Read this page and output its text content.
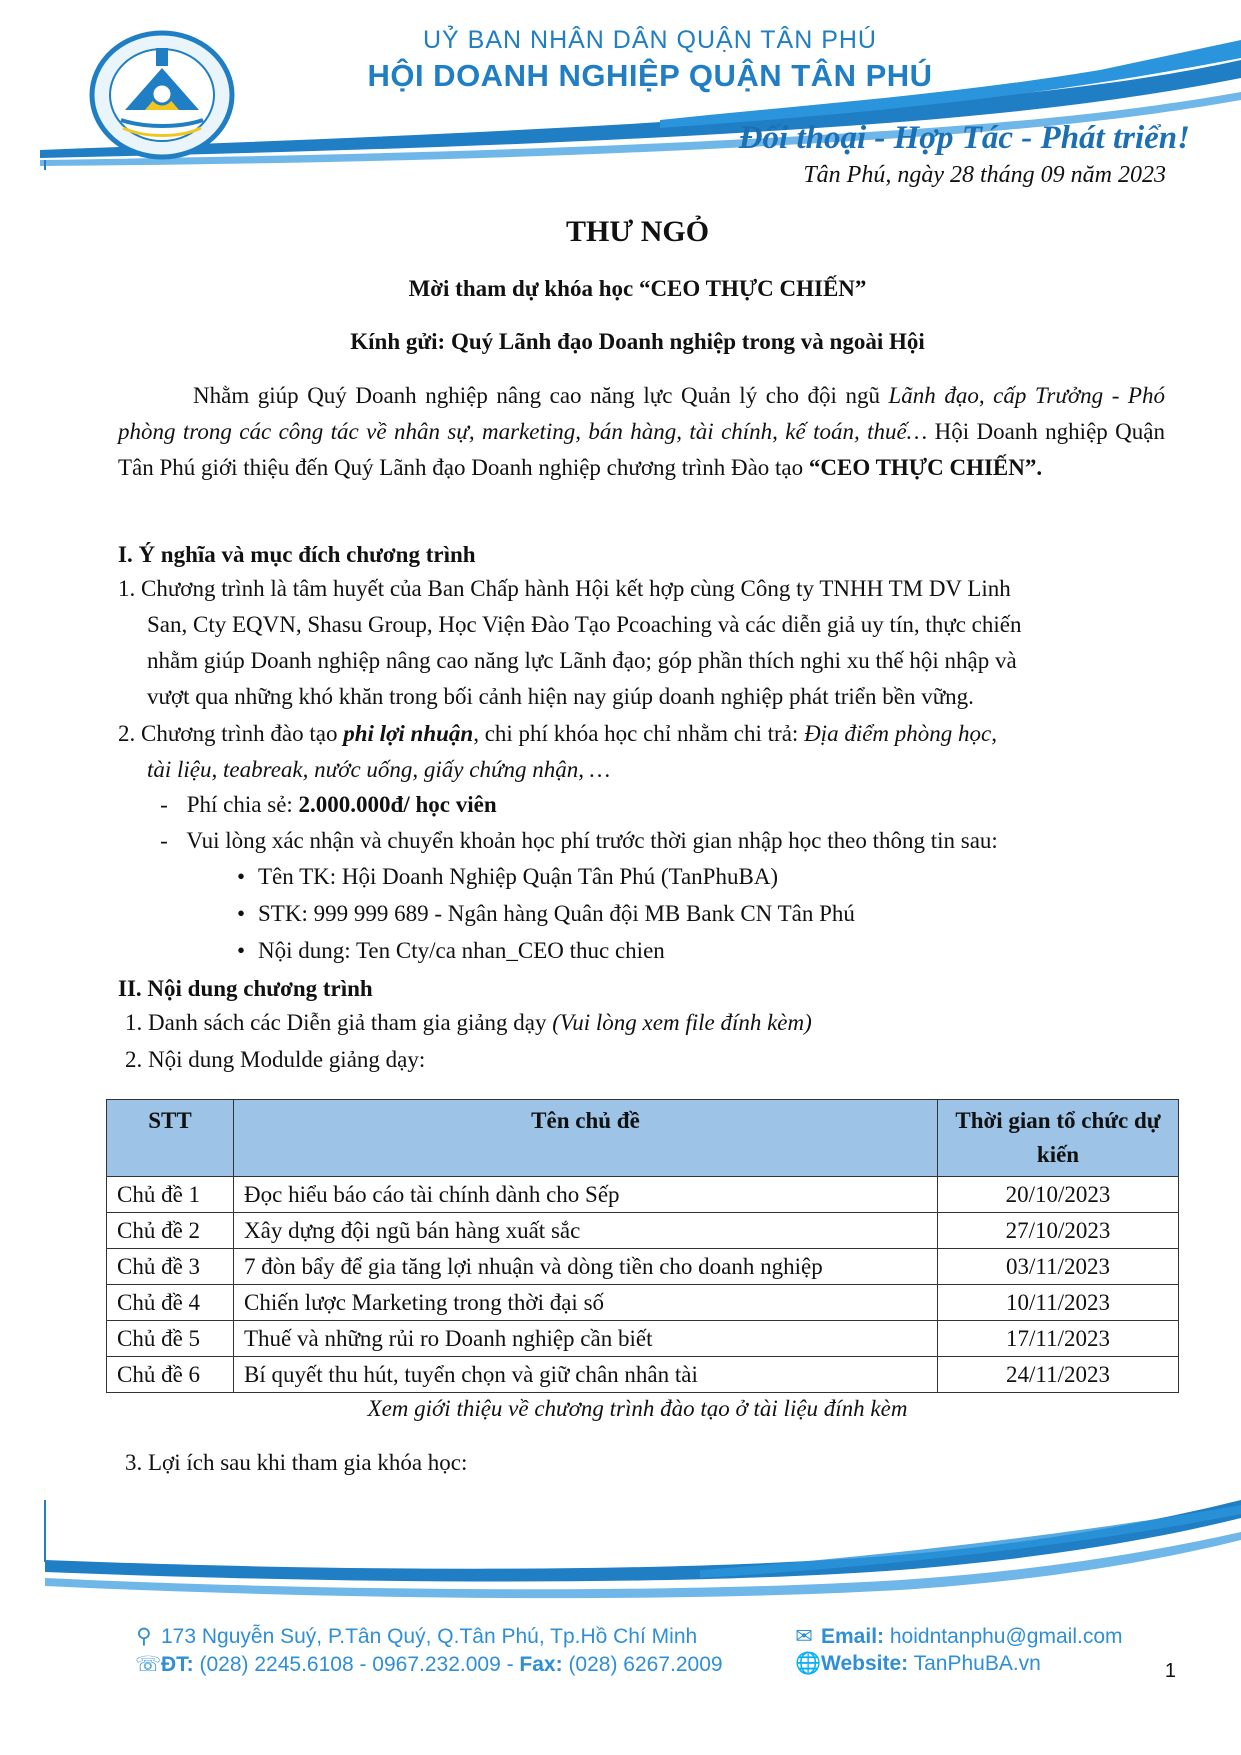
UỶ BAN NHÂN DÂN QUẬN TÂN PHÚ
HỘI DOANH NGHIỆP QUẬN TÂN PHÚ
Đối thoại - Hợp Tác - Phát triển!
Tân Phú, ngày 28 tháng 09 năm 2023
THƯ NGỎ
Mời tham dự khóa học “CEO THỰC CHIẾN”
Kính gửi: Quý Lãnh đạo Doanh nghiệp trong và ngoài Hội
Nhằm giúp Quý Doanh nghiệp nâng cao năng lực Quản lý cho đội ngũ Lãnh đạo, cấp Trưởng - Phó phòng trong các công tác về nhân sự, marketing, bán hàng, tài chính, kế toán, thuế… Hội Doanh nghiệp Quận Tân Phú giới thiệu đến Quý Lãnh đạo Doanh nghiệp chương trình Đào tạo “CEO THỰC CHIẾN”.
I. Ý nghĩa và mục đích chương trình
1. Chương trình là tâm huyết của Ban Chấp hành Hội kết hợp cùng Công ty TNHH TM DV Linh
San, Cty EQVN, Shasu Group, Học Viện Đào Tạo Pcoaching và các diễn giả uy tín, thực chiến
nhằm giúp Doanh nghiệp nâng cao năng lực Lãnh đạo; góp phần thích nghi xu thế hội nhập và
vượt qua những khó khăn trong bối cảnh hiện nay giúp doanh nghiệp phát triển bền vững.
2. Chương trình đào tạo phi lợi nhuận, chi phí khóa học chỉ nhằm chi trả: Địa điểm phòng học,
tài liệu, teabreak, nước uống, giấy chứng nhận, …
- Phí chia sẻ: 2.000.000đ/ học viên
- Vui lòng xác nhận và chuyển khoản học phí trước thời gian nhập học theo thông tin sau:
• Tên TK: Hội Doanh Nghiệp Quận Tân Phú (TanPhuBA)
• STK: 999 999 689 - Ngân hàng Quân đội MB Bank CN Tân Phú
• Nội dung: Ten Cty/ca nhan_CEO thuc chien
II. Nội dung chương trình
1. Danh sách các Diễn giả tham gia giảng dạy (Vui lòng xem file đính kèm)
2. Nội dung Modulde giảng dạy:
STT	Tên chủ đề	Thời gian tổ chức dự kiến
Chủ đề 1	Đọc hiểu báo cáo tài chính dành cho Sếp	20/10/2023
Chủ đề 2	Xây dựng đội ngũ bán hàng xuất sắc	27/10/2023
Chủ đề 3	7 đòn bẩy để gia tăng lợi nhuận và dòng tiền cho doanh nghiệp	03/11/2023
Chủ đề 4	Chiến lược Marketing trong thời đại số	10/11/2023
Chủ đề 5	Thuế và những rủi ro Doanh nghiệp cần biết	17/11/2023
Chủ đề 6	Bí quyết thu hút, tuyển chọn và giữ chân nhân tài	24/11/2023
Xem giới thiệu về chương trình đào tạo ở tài liệu đính kèm
3. Lợi ích sau khi tham gia khóa học:
⚲ 173 Nguyễn Suý, P.Tân Quý, Q.Tân Phú, Tp.Hồ Chí Minh
☏ĐT: (028) 2245.6108 - 0967.232.009 - Fax: (028) 6267.2009
✉ Email: hoidntanphu@gmail.com
🌐Website: TanPhuBA.vn	1
